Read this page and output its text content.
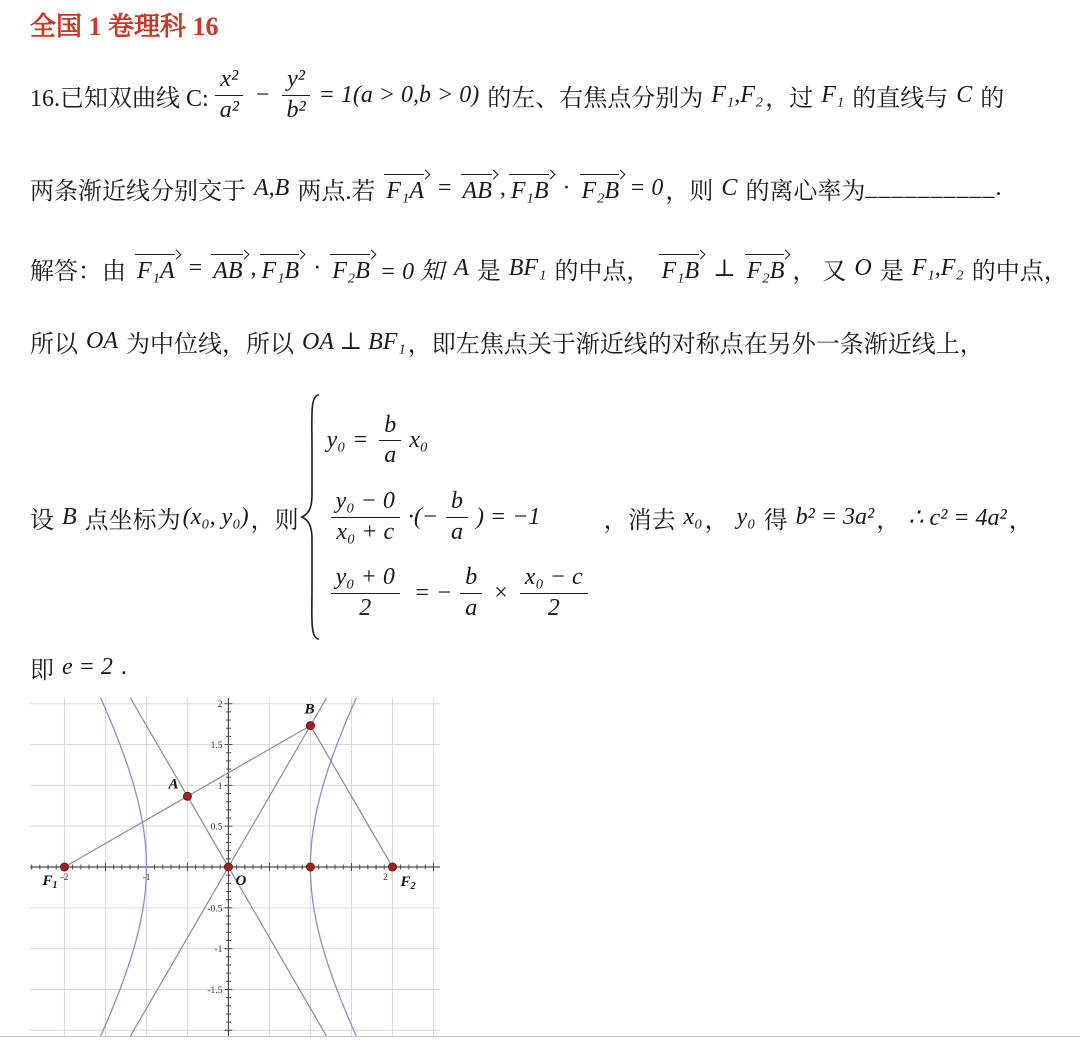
全国 1 卷理科 16
16.已知双曲线 C: $\frac{\text{x²}}{\text{a²}} - \frac{\text{y²}}{\text{b²}} = 1(a > 0,b > 0)$ 的左、右焦点分别为 F₁,F₂ ，过 F₁ 的直线与 C 的
两条渐近线分别交于 A,B 两点.若 F₁A = AB , F₁B · F₂B = 0 ，则 C 的离心率为 __________ .
解答：由 F₁A = AB , F₁B · F₂B = 0 知 A 是 BF₁ 的中点， F₁B ⊥ F₂B ， 又 O 是 F₁,F₂ 的中点，
所以 OA 为中位线，所以 OA ⊥ BF₁ ，即左焦点关于渐近线的对称点在另外一条渐近线上，
设 B 点坐标为 (x₀, y₀) ，则
$y_0 = \frac{b}{a} x_0$
$\frac{\text{y₀ − 0}}{\text{x₀ + c}}$ ·(− $\frac{b}{a}$ ) = −1
$\frac{\text{y₀ + 0}}{2}$ = − $\frac{b}{a} \times \frac{\text{x₀ − c}}{2}$
，消去 x₀ ， y₀ 得 b² = 3a² ， ∴ c² = 4a² ，
即 e = 2 .
-2	-1	2
2
1.5
1
0.5
-0.5
-1
-1.5
$F_1$	O	$F_2$
A
B
